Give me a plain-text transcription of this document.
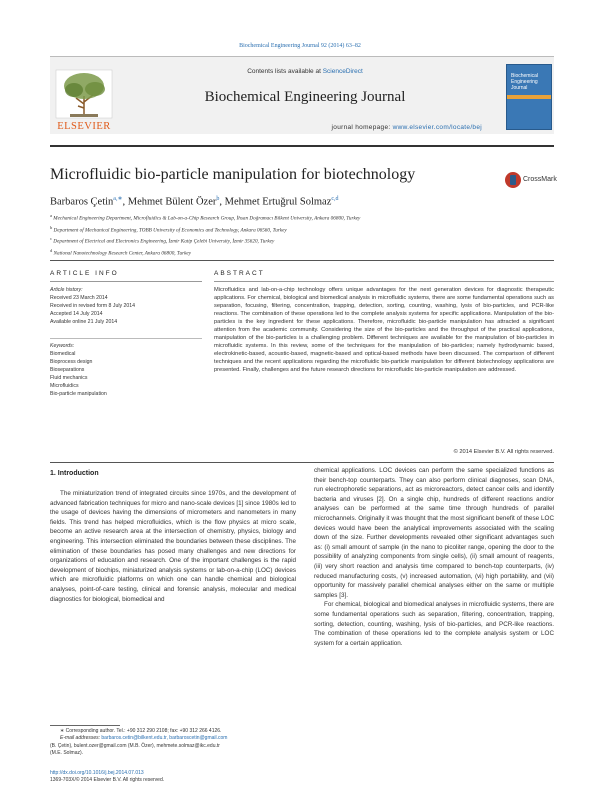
Biochemical Engineering Journal 92 (2014) 63–82
ELSEVIER
Contents lists available at ScienceDirect
Biochemical Engineering Journal
journal homepage: www.elsevier.com/locate/bej
Biochemical Engineering Journal
Microfluidic bio-particle manipulation for biotechnology	CrossMark
Barbaros Çetin$^{a,∗}$, Mehmet Bülent Özer$^b$, Mehmet Ertuğrul Solmaz$^{c,d}$
$^a$ Mechanical Engineering Department, Microfluidics & Lab-on-a-Chip Research Group, İhsan Doğramacı Bilkent University, Ankara 06800, Turkey
$^b$ Department of Mechanical Engineering, TOBB University of Economics and Technology, Ankara 06560, Turkey
$^c$ Department of Electrical and Electronics Engineering, İzmir Katip Çelebi University, İzmir 35620, Turkey
$^d$ National Nanotechnology Research Center, Ankara 06800, Turkey
ARTICLE INFO	ABSTRACT
Article history:
Received 23 March 2014
Received in revised form 8 July 2014
Accepted 14 July 2014
Available online 21 July 2014
Keywords:
Biomedical
Bioprocess design
Bioseparations
Fluid mechanics
Microfluidics
Bio-particle manipulation
Microfluidics and lab-on-a-chip technology offers unique advantages for the next generation devices for diagnostic therapeutic applications. For chemical, biological and biomedical analysis in microfluidic systems, there are some fundamental operations such as separation, focusing, filtering, concentration, trapping, detection, sorting, counting, washing, lysis of bio-particles, and PCR-like reactions. The combination of these operations led to the complete analysis systems for specific applications. Manipulation of the bio-particles is the key ingredient for these applications. Therefore, microfluidic bio-particle manipulation has attracted a significant attention from the academic community. Considering the size of the bio-particles and the throughput of the practical applications, manipulation of the bio-particles is a challenging problem. Different techniques are available for the manipulation of bio-particles in microfluidic systems. In this review, some of the techniques for the manipulation of bio-particles; namely hydrodynamic based, electrokinetic-based, acoustic-based, magnetic-based and optical-based methods have been discussed. The comparison of different techniques and the recent applications regarding the microfluidic bio-particle manipulation for different biotechnology applications are presented. Finally, challenges and the future research directions for microfluidic bio-particle manipulation are addressed.
© 2014 Elsevier B.V. All rights reserved.
1. Introduction
The miniaturization trend of integrated circuits since 1970s, and the development of advanced fabrication techniques for micro and nano-scale devices [1] since 1980s led to the usage of devices having the dimensions of micrometers and nanometers in many fields. This trend has helped microfluidics, which is the flow physics at micro scale, become an active research area at the intersection of chemistry, physics, biology and engineering. This intersection eliminated the boundaries between these disciplines. The elimination of these boundaries has posed many challenges and new directions for organizations of education and research. One of the important challenges is the rapid development of biochips, miniaturized analysis systems or lab-on-a-chip (LOC) devices which are microfluidic platforms on which one can handle chemical and biological analyses, point-of-care testing, clinical and forensic analysis, molecular and medical diagnostics for biological, biomedical and

chemical applications. LOC devices can perform the same specialized functions as their bench-top counterparts. They can also perform clinical diagnoses, scan DNA, run electrophoretic separations, act as microreactors, detect cancer cells and identify bacteria and viruses [2]. On a single chip, hundreds of different reactions and/or analyses can be performed at the same time through hundreds of parallel microchannels. Originally it was thought that the most significant benefit of these LOC devices would have been the analytical improvements associated with the scaling down of the size. Further developments revealed other significant advantages such as: (i) small amount of sample (in the nano to picoliter range, opening the door to the possibility of analyzing components from single cells), (ii) small amount of reagents, (iii) very short reaction and analysis time compared to bench-top counterparts, (iv) reduced manufacturing costs, (v) increased automation, (vi) high portability, and (vii) opportunity for massively parallel chemical analyses either on the same or multiple samples [3].

For chemical, biological and biomedical analyses in microfluidic systems, there are some fundamental operations such as separation, filtering, concentration, trapping, sorting, detection, counting, washing, lysis of bio-particles, and PCR-like reactions. The combination of these operations led to the complete analysis system or LOC system for a certain application.

∗ Corresponding author. Tel.: +90 312 290 2108; fax: +90 312 266 4126.
E-mail addresses: barbaros.cetin@bilkent.edu.tr, barbaroscetin@gmail.com
(B. Çetin), bulent.ozer@gmail.com (M.B. Özer), mehmete.solmaz@ikc.edu.tr
(M.E. Solmaz).
http://dx.doi.org/10.1016/j.bej.2014.07.013
1369-703X/© 2014 Elsevier B.V. All rights reserved.
